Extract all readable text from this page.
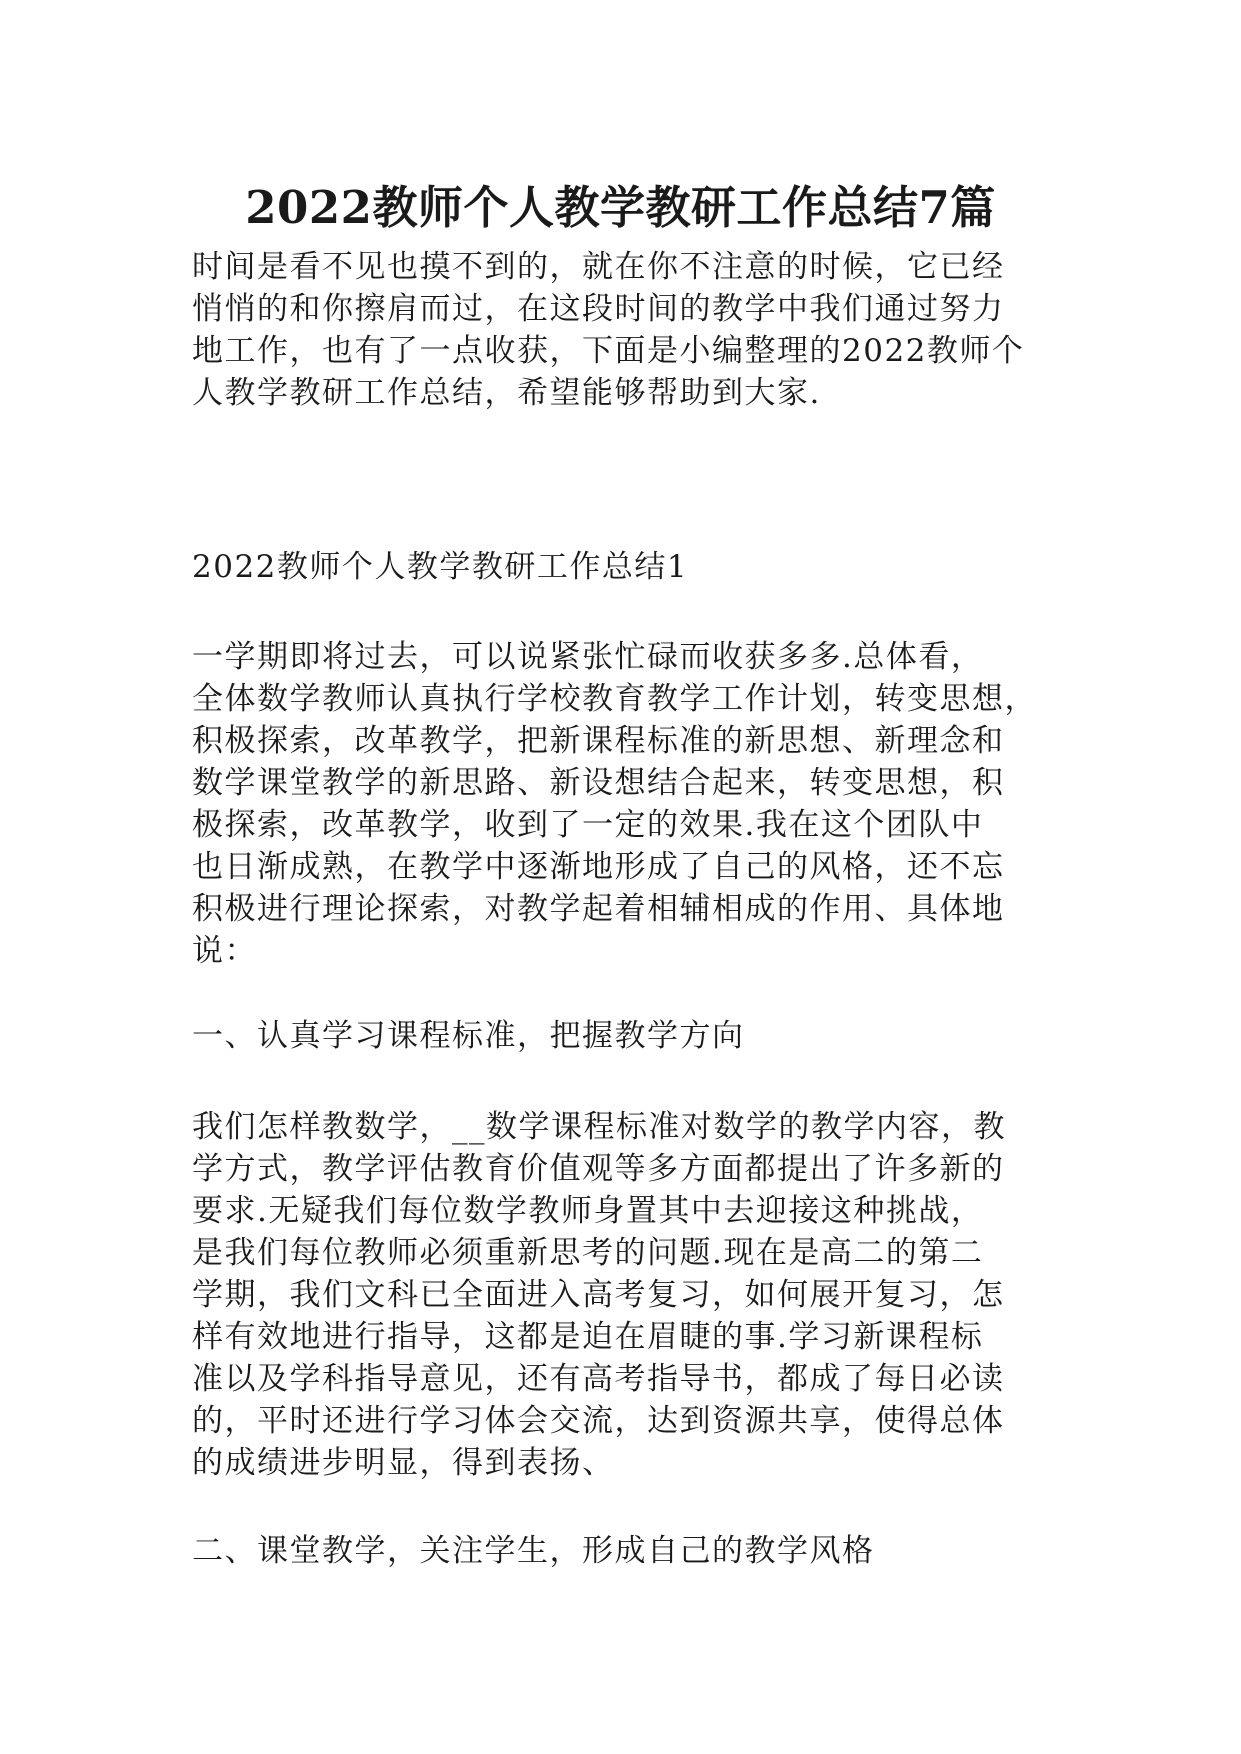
2022教师个人教学教研工作总结7篇
时间是看不见也摸不到的，就在你不注意的时候，它已经
悄悄的和你擦肩而过，在这段时间的教学中我们通过努力
地工作，也有了一点收获，下面是小编整理的2022教师个
人教学教研工作总结，希望能够帮助到大家.
2022教师个人教学教研工作总结1
一学期即将过去，可以说紧张忙碌而收获多多.总体看，
全体数学教师认真执行学校教育教学工作计划，转变思想，
积极探索，改革教学，把新课程标准的新思想、新理念和
数学课堂教学的新思路、新设想结合起来，转变思想，积
极探索，改革教学，收到了一定的效果.我在这个团队中
也日渐成熟，在教学中逐渐地形成了自己的风格，还不忘
积极进行理论探索，对教学起着相辅相成的作用、具体地
说：
一、认真学习课程标准，把握教学方向
我们怎样教数学，__数学课程标准对数学的教学内容，教
学方式，教学评估教育价值观等多方面都提出了许多新的
要求.无疑我们每位数学教师身置其中去迎接这种挑战，
是我们每位教师必须重新思考的问题.现在是高二的第二
学期，我们文科已全面进入高考复习，如何展开复习，怎
样有效地进行指导，这都是迫在眉睫的事.学习新课程标
准以及学科指导意见，还有高考指导书，都成了每日必读
的，平时还进行学习体会交流，达到资源共享，使得总体
的成绩进步明显，得到表扬、
二、课堂教学，关注学生，形成自己的教学风格
